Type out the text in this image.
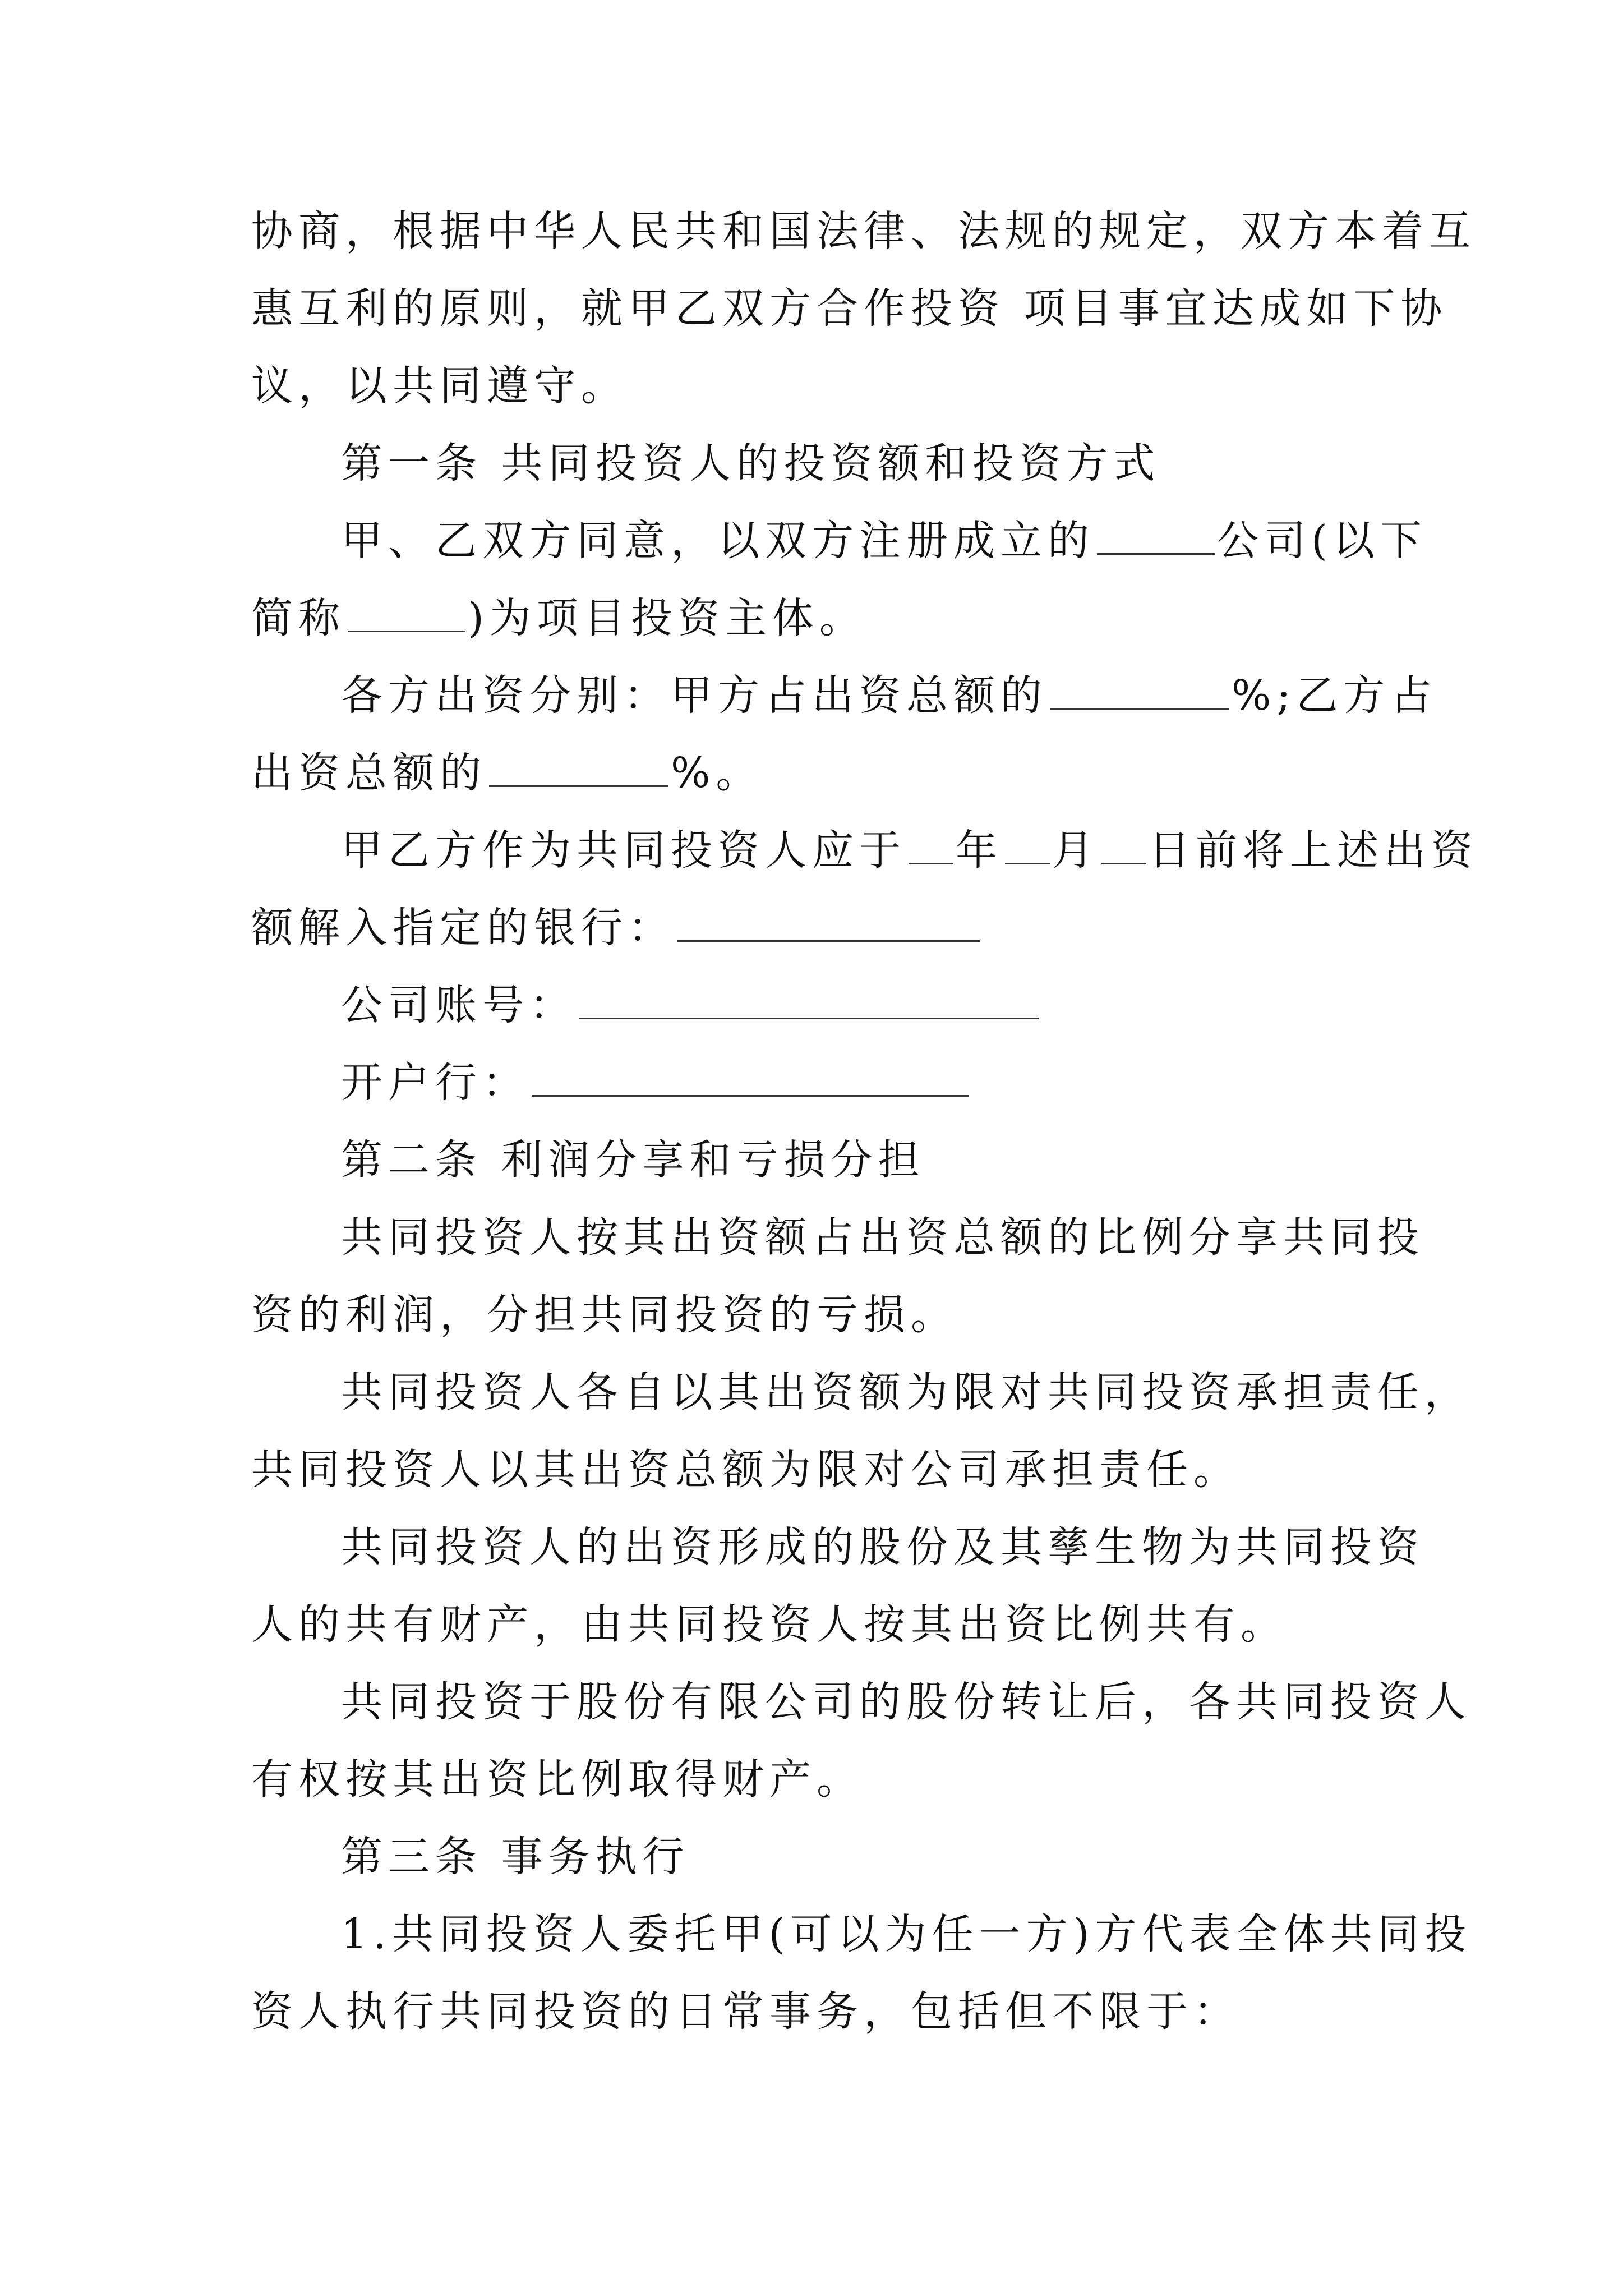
协商，根据中华人民共和国法律、法规的规定，双方本着互
惠互利的原则，就甲乙双方合作投资 项目事宜达成如下协
议，以共同遵守。
第一条 共同投资人的投资额和投资方式
甲、乙双方同意，以双方注册成立的	公司(以下
简称	)为项目投资主体。
各方出资分别：甲方占出资总额的	%;乙方占
出资总额的	%。
甲乙方作为共同投资人应于 年 月 日前将上述出资
额解入指定的银行：
公司账号：
开户行：
第二条 利润分享和亏损分担
共同投资人按其出资额占出资总额的比例分享共同投
资的利润，分担共同投资的亏损。
共同投资人各自以其出资额为限对共同投资承担责任，
共同投资人以其出资总额为限对公司承担责任。
共同投资人的出资形成的股份及其孳生物为共同投资
人的共有财产，由共同投资人按其出资比例共有。
共同投资于股份有限公司的股份转让后，各共同投资人
有权按其出资比例取得财产。
第三条 事务执行
1.共同投资人委托甲(可以为任一方)方代表全体共同投
资人执行共同投资的日常事务，包括但不限于：
